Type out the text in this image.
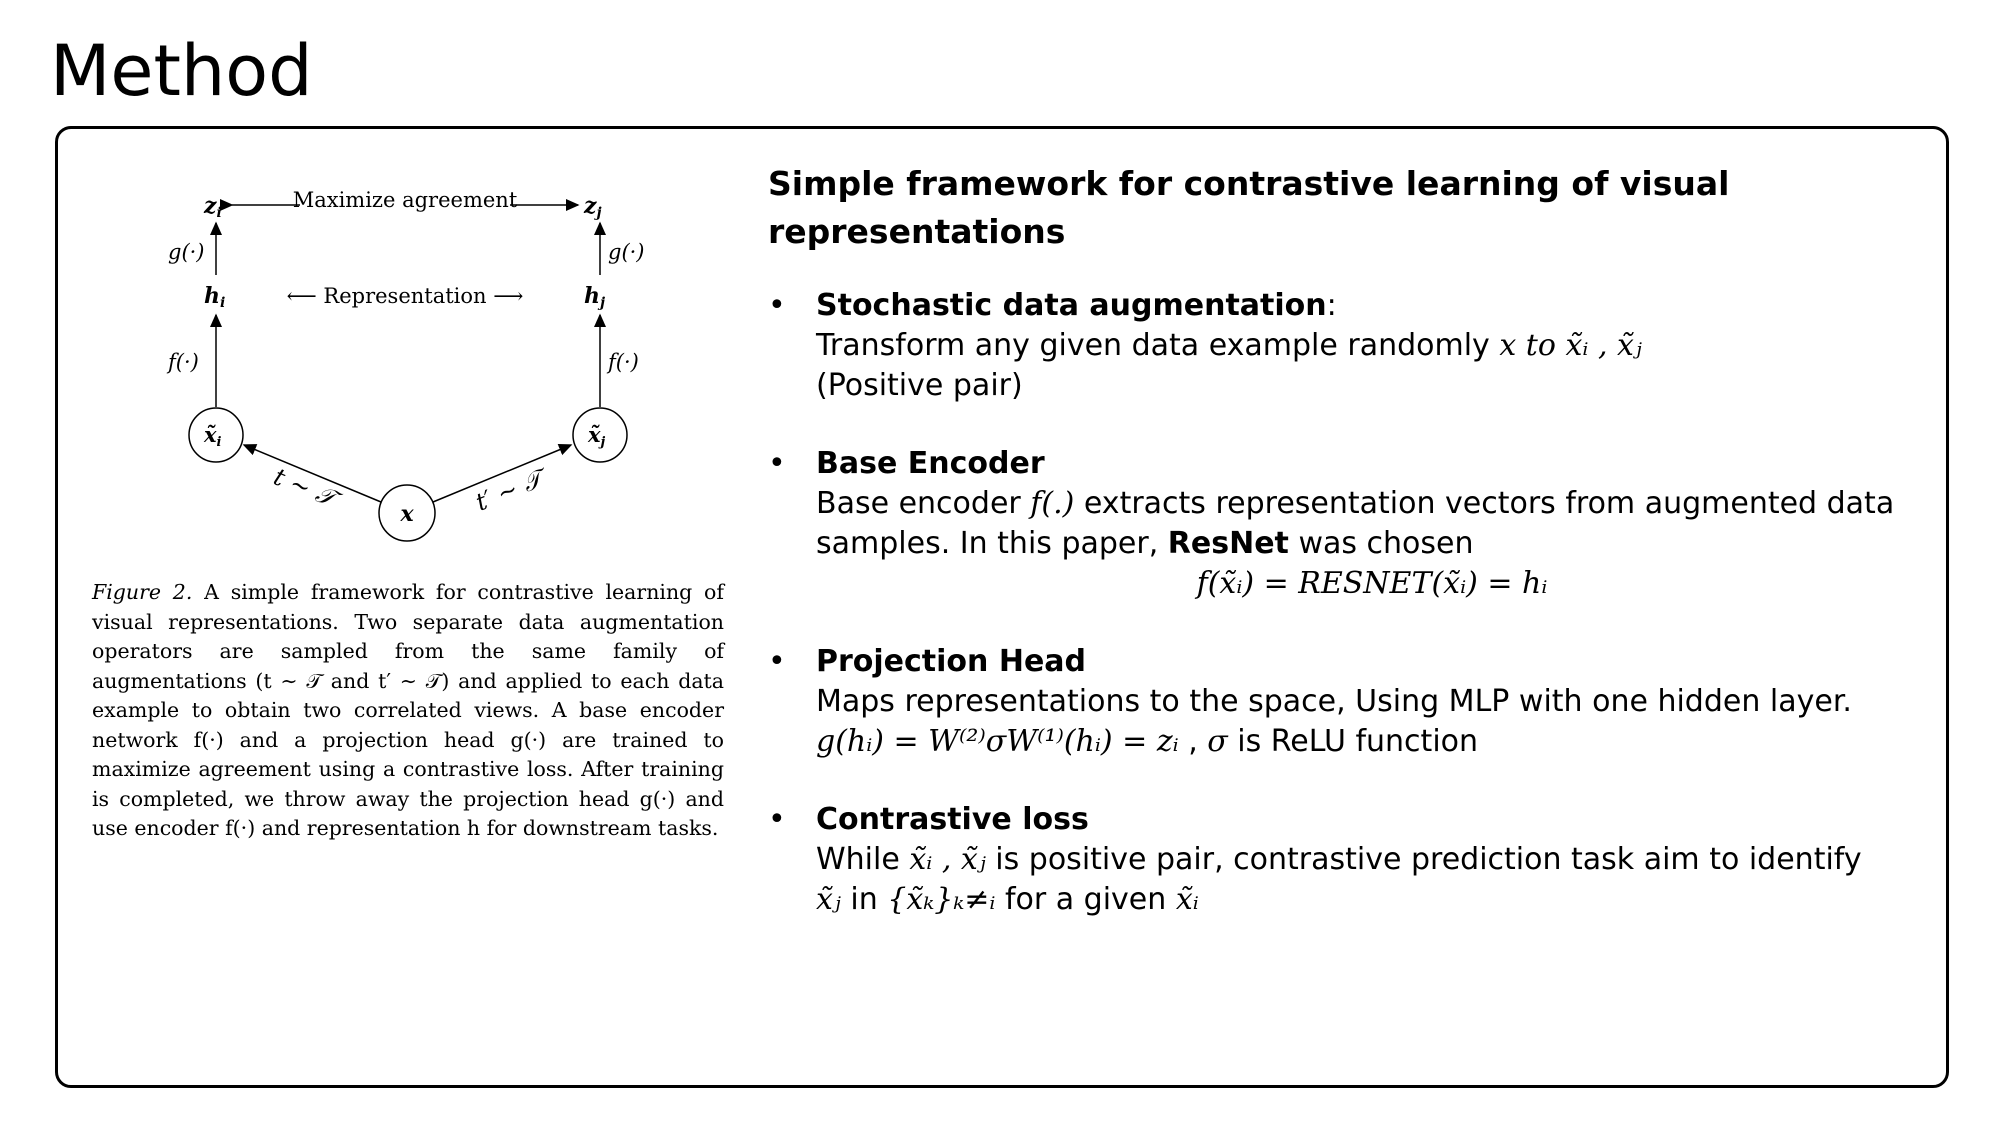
Method
Maximize agreement
zi	zj
g(·)	g(·)
hi	hj
⟵ Representation ⟶
f(·)	f(·)
x̃i	x̃j
x
t ∼ 𝒯	t′ ∼ 𝒯
Figure 2. A simple framework for contrastive learning of visual representations. Two separate data augmentation operators are sampled from the same family of augmentations (t ∼ 𝒯 and t′ ∼ 𝒯) and applied to each data example to obtain two correlated views. A base encoder network f(·) and a projection head g(·) are trained to maximize agreement using a contrastive loss. After training is completed, we throw away the projection head g(·) and use encoder f(·) and representation h for downstream tasks.
Simple framework for contrastive learning of visual representations
• Stochastic data augmentation:
Transform any given data example randomly x to x̃ᵢ , x̃ⱼ
(Positive pair)
• Base Encoder
Base encoder f(.) extracts representation vectors from augmented data samples. In this paper, ResNet was chosen
f(x̃ᵢ) = RESNET(x̃ᵢ) = hᵢ
• Projection Head
Maps representations to the space, Using MLP with one hidden layer.
g(hᵢ) = W⁽²⁾σW⁽¹⁾(hᵢ) = zᵢ , σ is ReLU function
• Contrastive loss
While x̃ᵢ , x̃ⱼ is positive pair, contrastive prediction task aim to identify
x̃ⱼ in {x̃ₖ}ₖ≠ᵢ for a given x̃ᵢ
